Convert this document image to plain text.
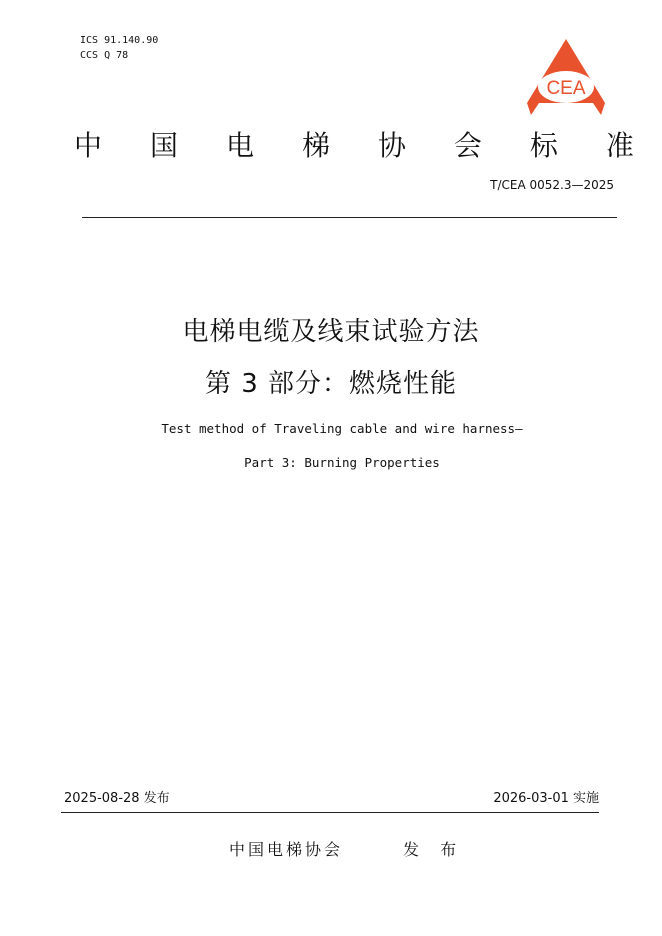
ICS 91.140.90
CCS Q 78
CEA
中 国 电 梯 协 会 标 准
T/CEA 0052.3—2025
电梯电缆及线束试验方法
第 3 部分：燃烧性能
Test method of Traveling cable and wire harness—
Part 3: Burning Properties
2025-08-28 发布	2026-03-01 实施
中国电梯协会	发 布
